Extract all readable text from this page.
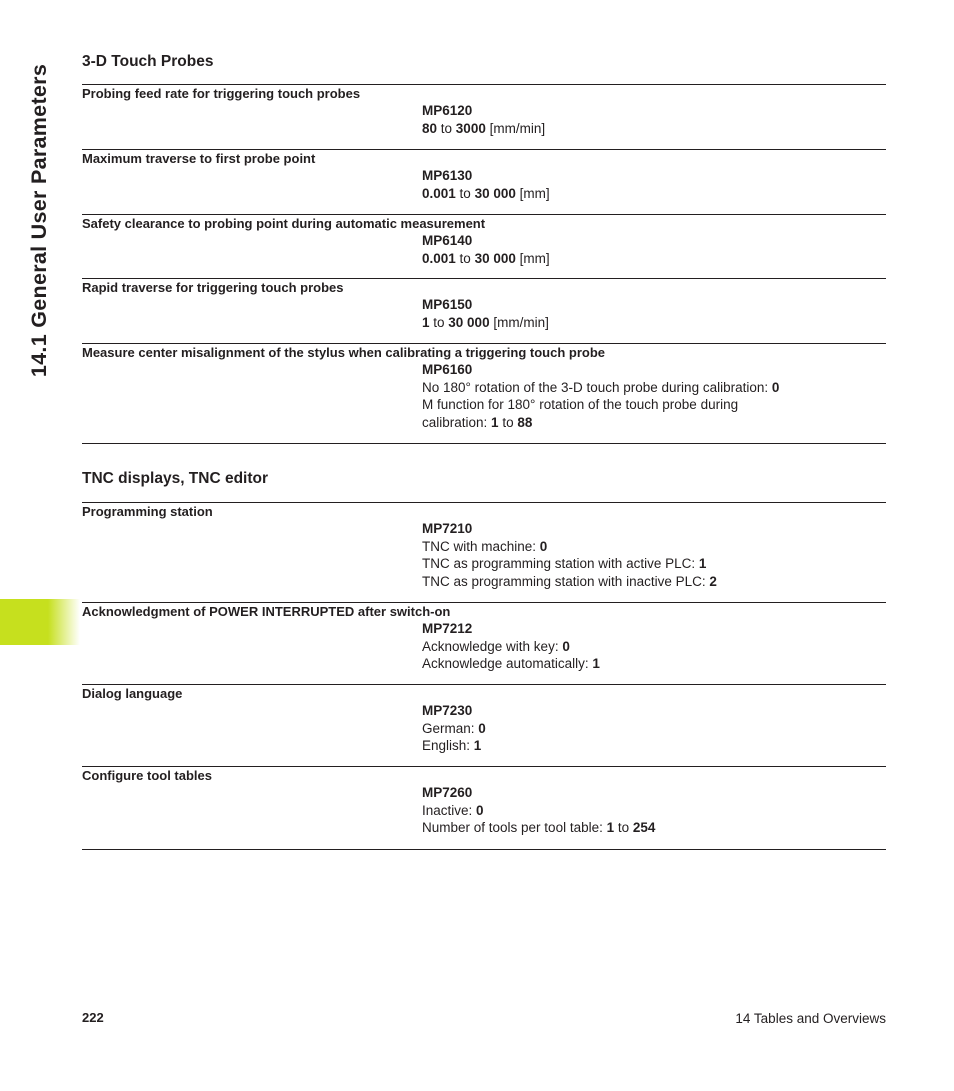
14.1 General User Parameters
3-D Touch Probes
Probing feed rate for triggering touch probes
MP6120
80 to 3000 [mm/min]
Maximum traverse to first probe point
MP6130
0.001 to 30 000 [mm]
Safety clearance to probing point during automatic measurement
MP6140
0.001 to 30 000 [mm]
Rapid traverse for triggering touch probes
MP6150
1 to 30 000 [mm/min]
Measure center misalignment of the stylus when calibrating a triggering touch probe
MP6160
No 180° rotation of the 3-D touch probe during calibration: 0
M function for 180° rotation of the touch probe during
calibration: 1 to 88
TNC displays, TNC editor
Programming station
MP7210
TNC with machine: 0
TNC as programming station with active PLC: 1
TNC as programming station with inactive PLC: 2
Acknowledgment of POWER INTERRUPTED after switch-on
MP7212
Acknowledge with key: 0
Acknowledge automatically: 1
Dialog language
MP7230
German: 0
English: 1
Configure tool tables
MP7260
Inactive: 0
Number of tools per tool table: 1 to 254
222	14 Tables and Overviews
